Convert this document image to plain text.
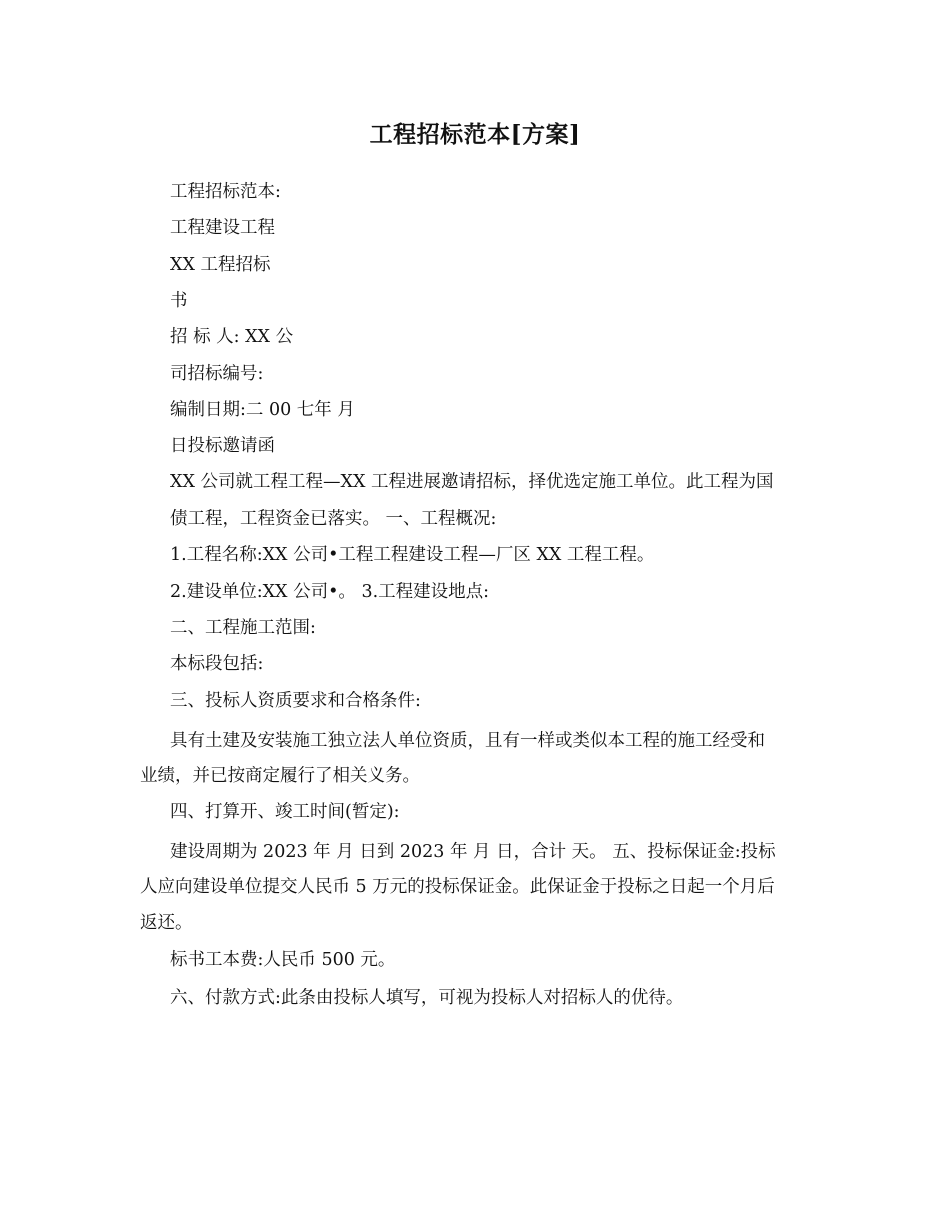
工程招标范本[方案]
工程招标范本:
工程建设工程
XX 工程招标
书
招 标 人: XX 公
司招标编号:
编制日期:二 00 七年 月
日投标邀请函
XX 公司就工程工程—XX 工程进展邀请招标，择优选定施工单位。此工程为国
债工程，工程资金已落实。 一、工程概况:
1.工程名称:XX 公司•工程工程建设工程—厂区 XX 工程工程。
2.建设单位:XX 公司•。 3.工程建设地点:
二、工程施工范围:
本标段包括:
三、投标人资质要求和合格条件:
具有土建及安装施工独立法人单位资质，且有一样或类似本工程的施工经受和
业绩，并已按商定履行了相关义务。
四、打算开、竣工时间(暂定):
建设周期为 2023 年 月 日到 2023 年 月 日，合计 天。 五、投标保证金:投标
人应向建设单位提交人民币 5 万元的投标保证金。此保证金于投标之日起一个月后
返还。
标书工本费:人民币 500 元。
六、付款方式:此条由投标人填写，可视为投标人对招标人的优待。
